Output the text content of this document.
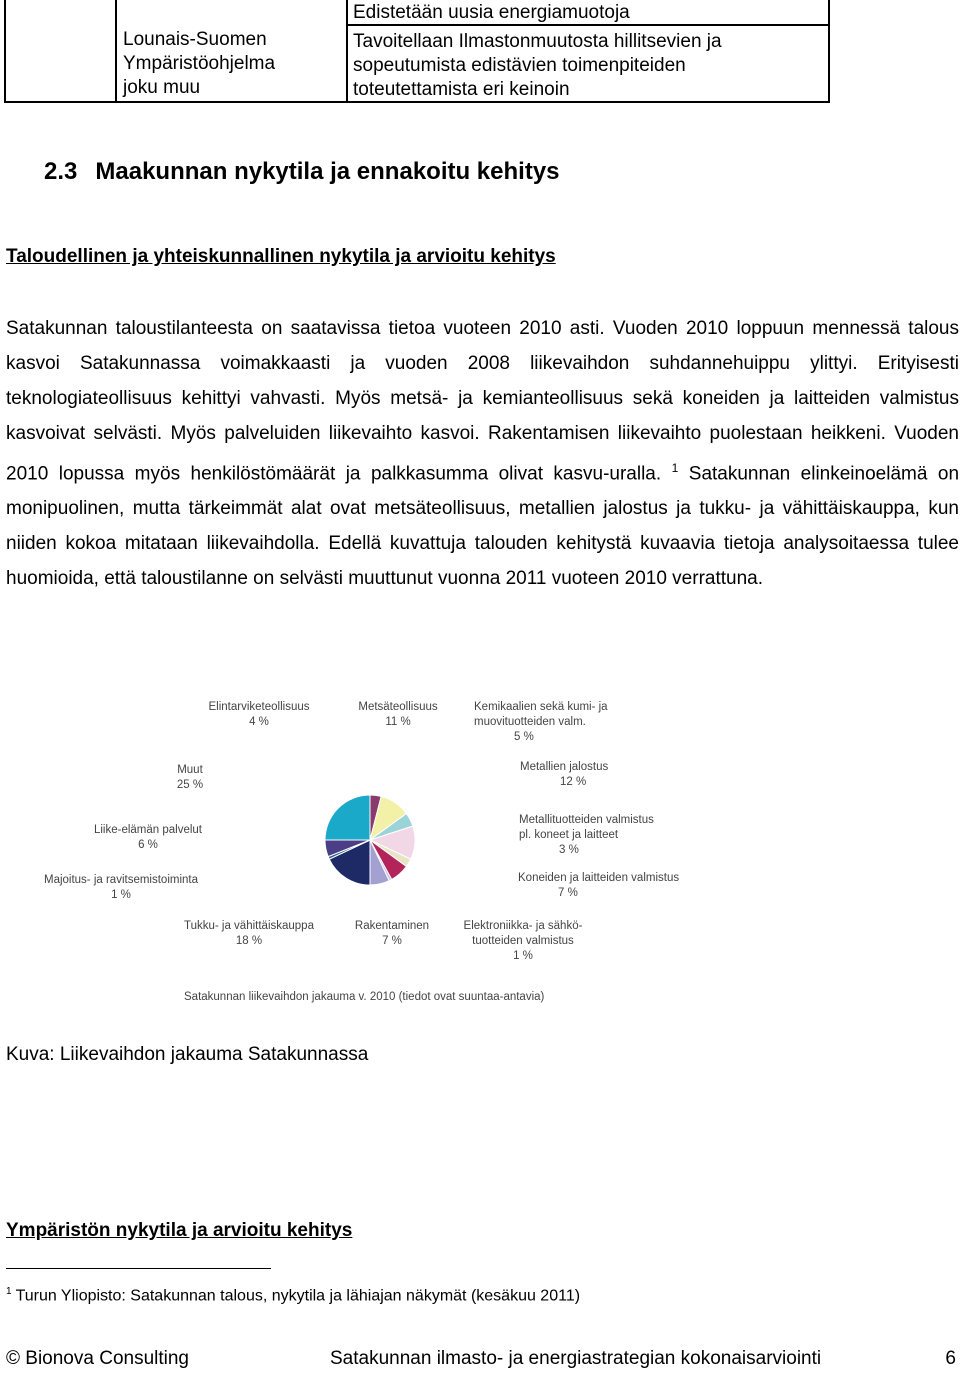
Lounais-Suomen
Ympäristöohjelma
joku muu
Edistetään uusia energiamuotoja
Tavoitellaan Ilmastonmuutosta hillitsevien ja
sopeutumista edistävien toimenpiteiden
toteutettamista eri keinoin
2.3 Maakunnan nykytila ja ennakoitu kehitys
Taloudellinen ja yhteiskunnallinen nykytila ja arvioitu kehitys
Satakunnan taloustilanteesta on saatavissa tietoa vuoteen 2010 asti. Vuoden 2010 loppuun mennessä talous kasvoi Satakunnassa voimakkaasti ja vuoden 2008 liikevaihdon suhdannehuippu ylittyi. Erityisesti teknologiateollisuus kehittyi vahvasti. Myös metsä- ja kemianteollisuus sekä koneiden ja laitteiden valmistus kasvoivat selvästi. Myös palveluiden liikevaihto kasvoi. Rakentamisen liikevaihto puolestaan heikkeni. Vuoden 2010 lopussa myös henkilöstömäärät ja palkkasumma olivat kasvu-uralla. $^1$ Satakunnan elinkeinoelämä on monipuolinen, mutta tärkeimmät alat ovat metsäteollisuus, metallien jalostus ja tukku- ja vähittäiskauppa, kun niiden kokoa mitataan liikevaihdolla. Edellä kuvattuja talouden kehitystä kuvaavia tietoja analysoitaessa tulee huomioida, että taloustilanne on selvästi muuttunut vuonna 2011 vuoteen 2010 verrattuna.
Elintarviketeollisuus
4 %
Metsäteollisuus
11 %
Kemikaalien sekä kumi- ja
muovituotteiden valm.
5 %
Metallien jalostus
12 %
Metallituotteiden valmistus
pl. koneet ja laitteet
3 %
Koneiden ja laitteiden valmistus
7 %
Elektroniikka- ja sähkö-
tuotteiden valmistus
1 %
Rakentaminen
7 %
Tukku- ja vähittäiskauppa
18 %
Majoitus- ja ravitsemistoiminta
1 %
Liike-elämän palvelut
6 %
Muut
25 %
Satakunnan liikevaihdon jakauma v. 2010 (tiedot ovat suuntaa-antavia)
Kuva: Liikevaihdon jakauma Satakunnassa
Ympäristön nykytila ja arvioitu kehitys
$^1$ Turun Yliopisto: Satakunnan talous, nykytila ja lähiajan näkymät (kesäkuu 2011)
© Bionova Consulting	Satakunnan ilmasto- ja energiastrategian kokonaisarviointi	6
